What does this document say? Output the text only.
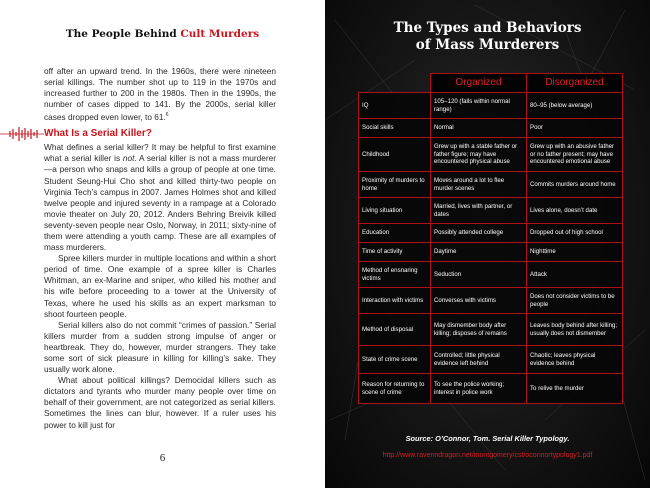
The People Behind Cult Murders

off after an upward trend. In the 1960s, there were nineteen serial killings. The number shot up to 119 in the 1970s and increased further to 200 in the 1980s. Then in the 1990s, the number of cases dipped to 141. By the 2000s, serial killer cases dropped even lower, to 61.$^6$

What Is a Serial Killer?

What defines a serial killer? It may be helpful to first examine what a serial killer is not. A serial killer is not a mass murderer—a person who snaps and kills a group of people at one time. Student Seung-Hui Cho shot and killed thirty-two people on Virginia Tech’s campus in 2007. James Holmes shot and killed twelve people and injured seventy in a rampage at a Colorado movie theater on July 20, 2012. Anders Behring Breivik killed seventy-seven people near Oslo, Norway, in 2011; sixty-nine of them were attending a youth camp. These are all examples of mass murderers.

Spree killers murder in multiple locations and within a short period of time. One example of a spree killer is Charles Whitman, an ex-Marine and sniper, who killed his mother and his wife before proceeding to a tower at the University of Texas, where he used his skills as an expert marksman to shoot fourteen people.

Serial killers also do not commit “crimes of passion.” Serial killers murder from a sudden strong impulse of anger or heartbreak. They do, however, murder strangers. They take some sort of sick pleasure in killing for killing’s sake. They usually work alone.

What about political killings? Democidal killers such as dictators and tyrants who murder many people over time on behalf of their government, are not categorized as serial killers. Sometimes the lines can blur, however. If a ruler uses his power to kill just for

6
The Types and Behaviors
of Mass Murderers
	Organized	Disorganized
IQ	105–120 (falls within normal range)	80–95 (below average)
Social skills	Normal	Poor
Childhood	Grew up with a stable father or father figure; may have encountered physical abuse	Grew up with an abusive father or no father present; may have encountered emotional abuse
Proximity of murders to home	Moves around a lot to flee murder scenes	Commits murders around home
Living situation	Married, lives with partner, or dates	Lives alone, doesn’t date
Education	Possibly attended college	Dropped out of high school
Time of activity	Daytime	Nighttime
Method of ensnaring victims	Seduction	Attack
Interaction with victims	Converses with victims	Does not consider victims to be people
Method of disposal	May dismember body after killing; disposes of remains	Leaves body behind after killing; usually does not dismember
State of crime scene	Controlled; little physical evidence left behind	Chaotic; leaves physical evidence behind
Reason for returning to scene of crime	To see the police working; interest in police work	To relive the murder
Source: O’Connor, Tom. Serial Killer Typology.
http://www.ravenndragon.net/montgomery/cst/oconnortypology1.pdf
